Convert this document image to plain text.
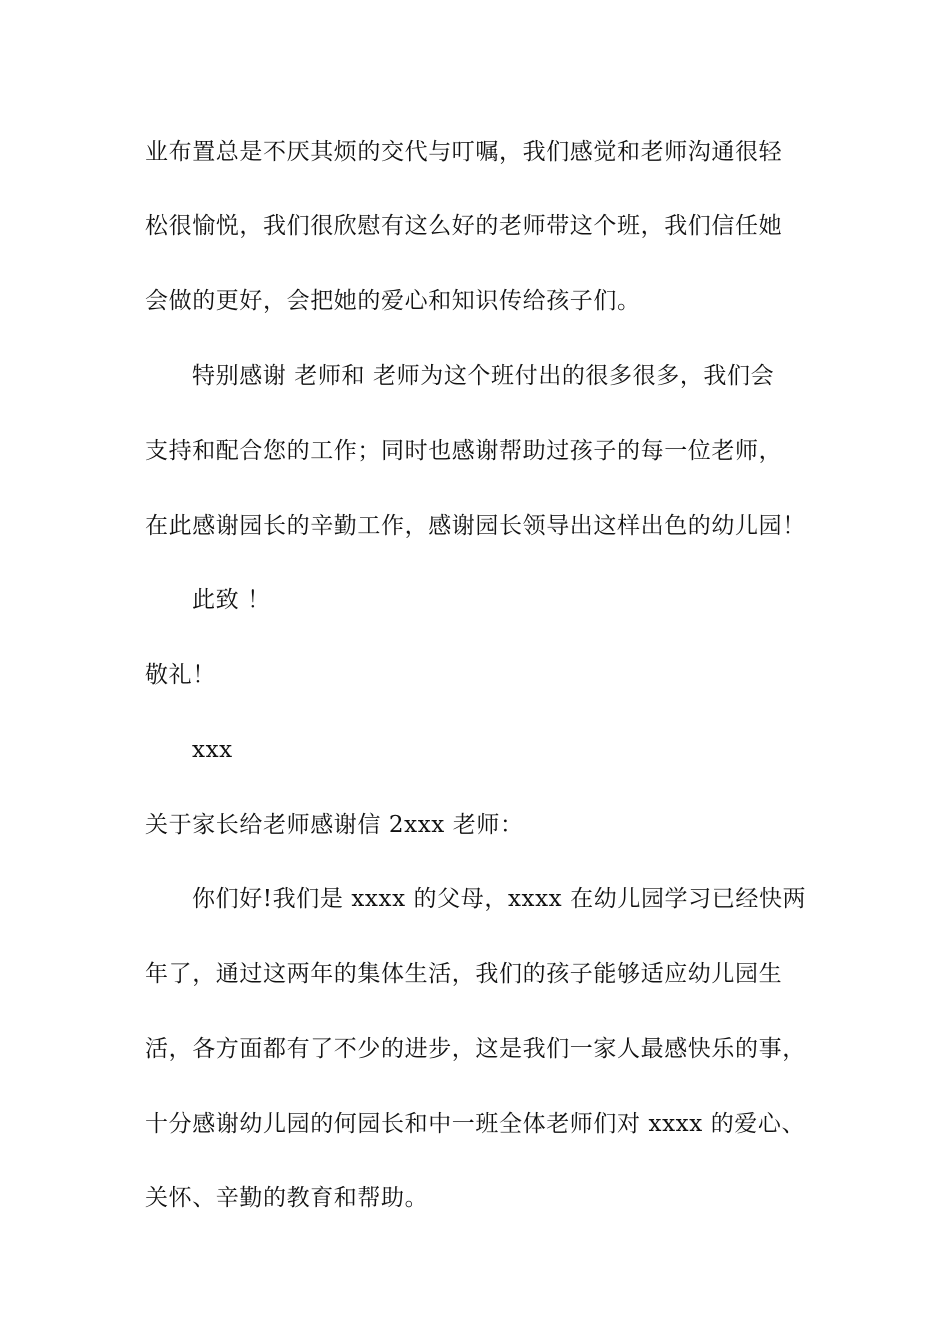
业布置总是不厌其烦的交代与叮嘱，我们感觉和老师沟通很轻
松很愉悦，我们很欣慰有这么好的老师带这个班，我们信任她
会做的更好，会把她的爱心和知识传给孩子们。
特别感谢 老师和 老师为这个班付出的很多很多，我们会
支持和配合您的工作；同时也感谢帮助过孩子的每一位老师，
在此感谢园长的辛勤工作，感谢园长领导出这样出色的幼儿园！
此致 ！
敬礼！
xxx
关于家长给老师感谢信 2xxx 老师：
你们好!我们是 xxxx 的父母，xxxx 在幼儿园学习已经快两
年了，通过这两年的集体生活，我们的孩子能够适应幼儿园生
活，各方面都有了不少的进步，这是我们一家人最感快乐的事，
十分感谢幼儿园的何园长和中一班全体老师们对 xxxx 的爱心、
关怀、辛勤的教育和帮助。
